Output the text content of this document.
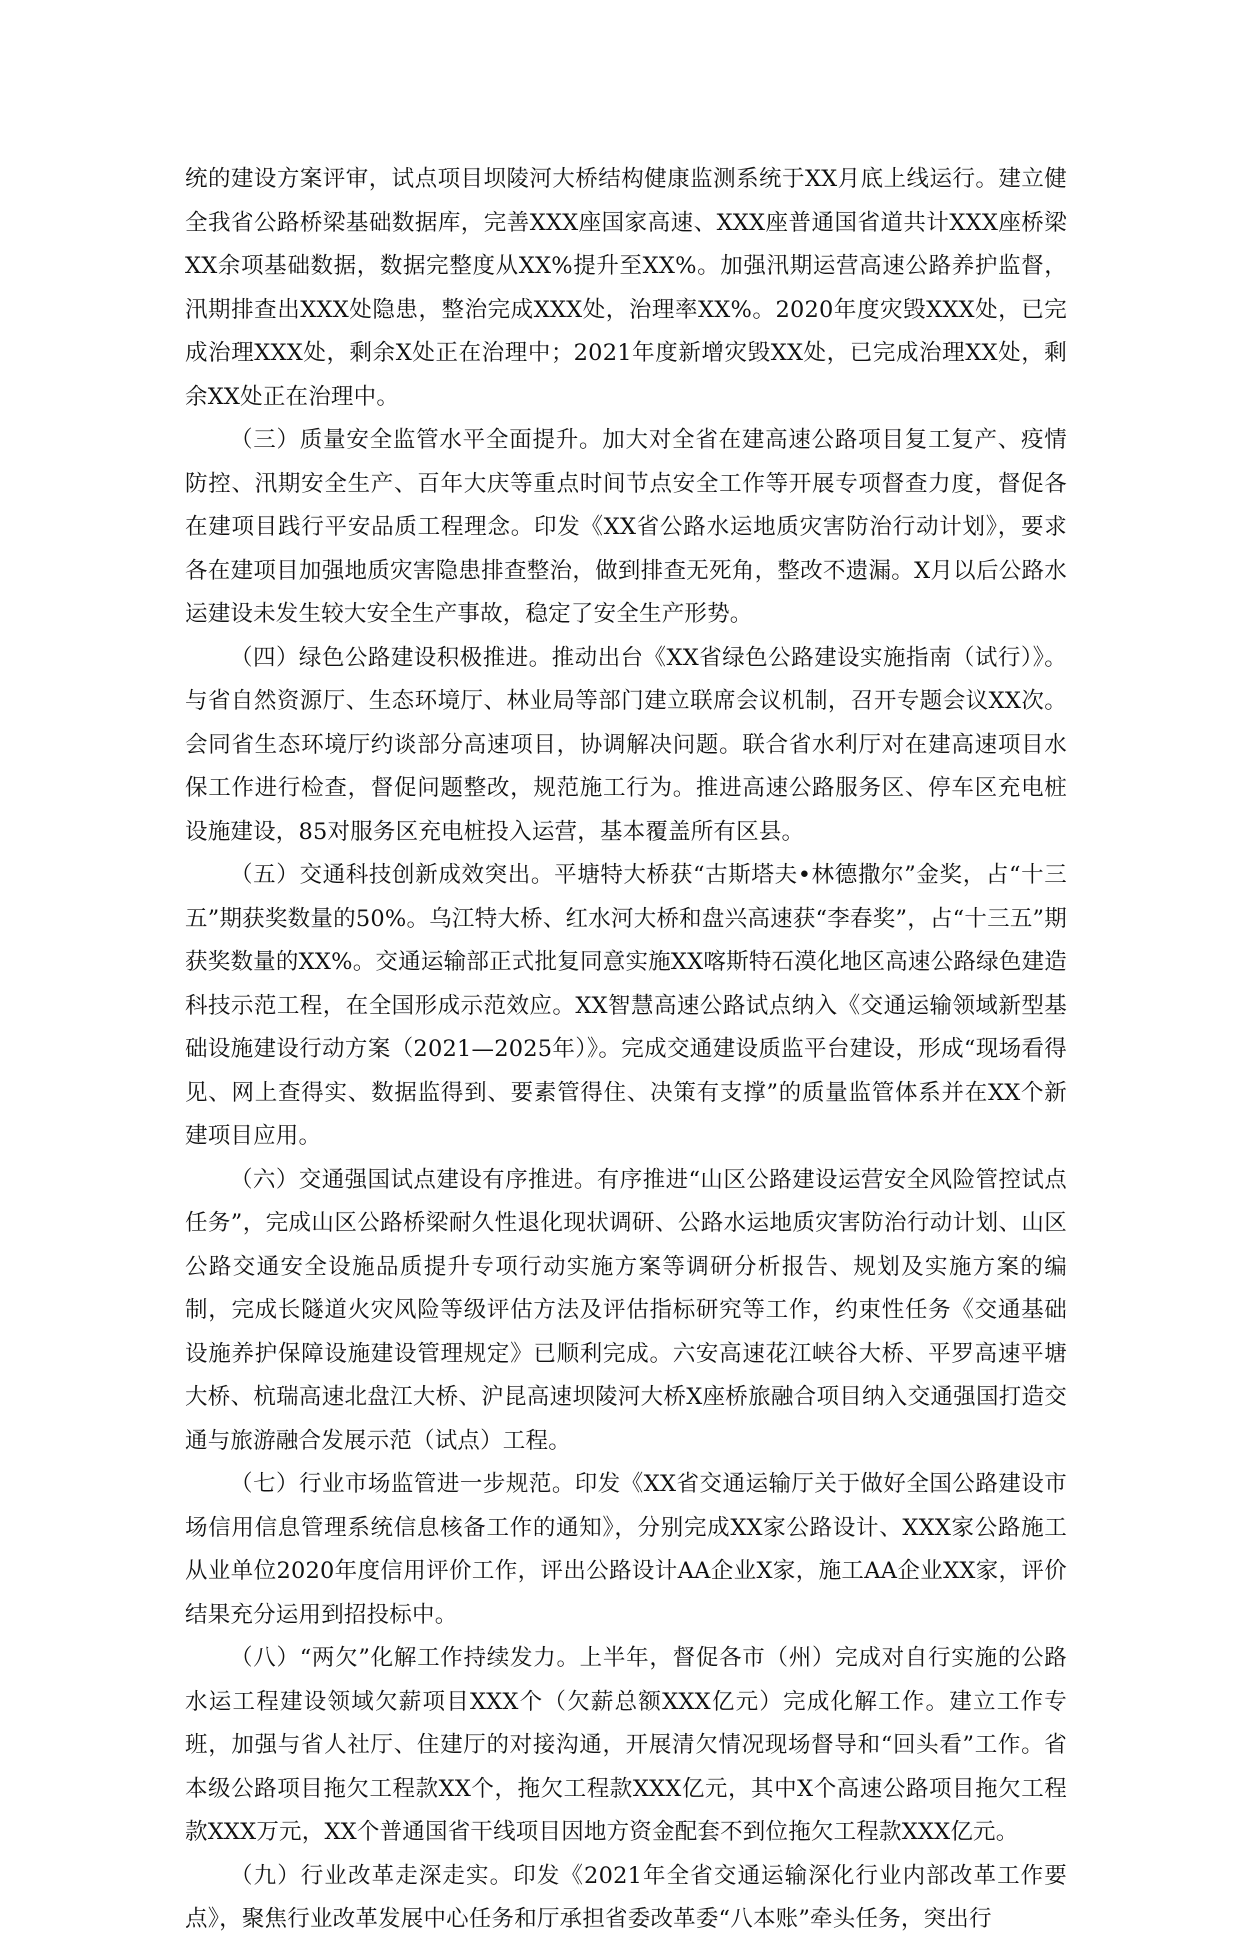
统的建设方案评审，试点项目坝陵河大桥结构健康监测系统于XX月底上线运行。建立健全我省公路桥梁基础数据库，完善XXX座国家高速、XXX座普通国省道共计XXX座桥梁XX余项基础数据，数据完整度从XX%提升至XX%。加强汛期运营高速公路养护监督，汛期排查出XXX处隐患，整治完成XXX处，治理率XX%。2020年度灾毁XXX处，已完成治理XXX处，剩余X处正在治理中；2021年度新增灾毁XX处，已完成治理XX处，剩余XX处正在治理中。

（三）质量安全监管水平全面提升。加大对全省在建高速公路项目复工复产、疫情防控、汛期安全生产、百年大庆等重点时间节点安全工作等开展专项督查力度，督促各在建项目践行平安品质工程理念。印发《XX省公路水运地质灾害防治行动计划》，要求各在建项目加强地质灾害隐患排查整治，做到排查无死角，整改不遗漏。X月以后公路水运建设未发生较大安全生产事故，稳定了安全生产形势。

（四）绿色公路建设积极推进。推动出台《XX省绿色公路建设实施指南（试行）》。与省自然资源厅、生态环境厅、林业局等部门建立联席会议机制，召开专题会议XX次。会同省生态环境厅约谈部分高速项目，协调解决问题。联合省水利厅对在建高速项目水保工作进行检查，督促问题整改，规范施工行为。推进高速公路服务区、停车区充电桩设施建设，85对服务区充电桩投入运营，基本覆盖所有区县。

（五）交通科技创新成效突出。平塘特大桥获“古斯塔夫•林德撒尔”金奖，占“十三五”期获奖数量的50%。乌江特大桥、红水河大桥和盘兴高速获“李春奖”，占“十三五”期获奖数量的XX%。交通运输部正式批复同意实施XX喀斯特石漠化地区高速公路绿色建造科技示范工程，在全国形成示范效应。XX智慧高速公路试点纳入《交通运输领域新型基础设施建设行动方案（2021—2025年）》。完成交通建设质监平台建设，形成“现场看得见、网上查得实、数据监得到、要素管得住、决策有支撑”的质量监管体系并在XX个新建项目应用。

（六）交通强国试点建设有序推进。有序推进“山区公路建设运营安全风险管控试点任务”，完成山区公路桥梁耐久性退化现状调研、公路水运地质灾害防治行动计划、山区公路交通安全设施品质提升专项行动实施方案等调研分析报告、规划及实施方案的编制，完成长隧道火灾风险等级评估方法及评估指标研究等工作，约束性任务《交通基础设施养护保障设施建设管理规定》已顺利完成。六安高速花江峡谷大桥、平罗高速平塘大桥、杭瑞高速北盘江大桥、沪昆高速坝陵河大桥X座桥旅融合项目纳入交通强国打造交通与旅游融合发展示范（试点）工程。

（七）行业市场监管进一步规范。印发《XX省交通运输厅关于做好全国公路建设市场信用信息管理系统信息核备工作的通知》，分别完成XX家公路设计、XXX家公路施工从业单位2020年度信用评价工作，评出公路设计AA企业X家，施工AA企业XX家，评价结果充分运用到招投标中。

（八）“两欠”化解工作持续发力。上半年，督促各市（州）完成对自行实施的公路水运工程建设领域欠薪项目XXX个（欠薪总额XXX亿元）完成化解工作。建立工作专班，加强与省人社厅、住建厅的对接沟通，开展清欠情况现场督导和“回头看”工作。省本级公路项目拖欠工程款XX个，拖欠工程款XXX亿元，其中X个高速公路项目拖欠工程款XXX万元，XX个普通国省干线项目因地方资金配套不到位拖欠工程款XXX亿元。

（九）行业改革走深走实。印发《2021年全省交通运输深化行业内部改革工作要点》，聚焦行业改革发展中心任务和厅承担省委改革委“八本账”牵头任务，突出行
